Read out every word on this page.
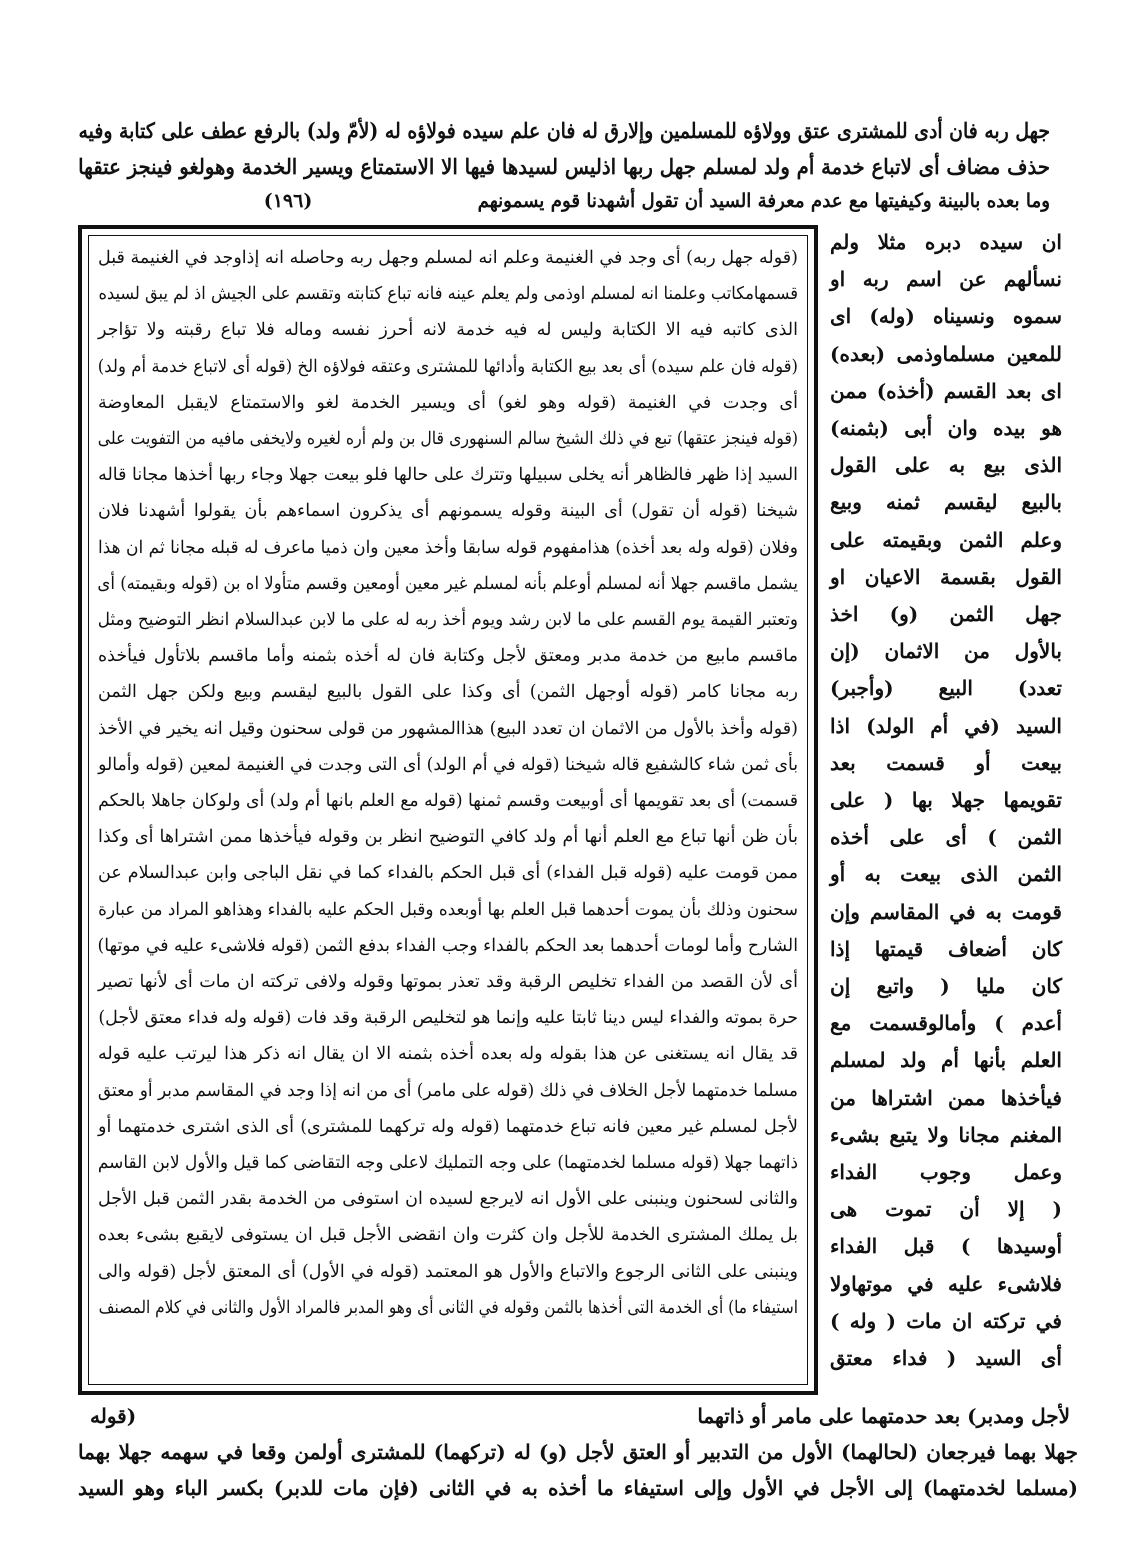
جهل ربه فان أدى للمشترى عتق وولاؤه للمسلمين وإلارق له فان علم سيده فولاؤه له (لأمّ ولد) بالرفع عطف على كتابة وفيه
حذف مضاف أى لاتباع خدمة أم ولد لمسلم جهل ربها اذليس لسيدها فيها الا الاستمتاع ويسير الخدمة وهولغو فينجز عتقها
وما بعده بالبينة وكيفيتها مع عدم معرفة السيد أن تقول أشهدنا قوم يسمونهم
(١٩٦)
ان سيده دبره مثلا ولم
نسألهم عن اسم ربه او
سموه ونسيناه (وله) اى
للمعين مسلماوذمى (بعده)
اى بعد القسم (أخذه) ممن
هو بيده وان أبى (بثمنه)
الذى بيع به على القول
بالبيع ليقسم ثمنه وبيع
وعلم الثمن وبقيمته على
القول بقسمة الاعيان او
جهل الثمن (و) اخذ
بالأول من الاثمان (إن
تعدد) البيع (وأجبر)
السيد (في أم الولد) اذا
بيعت أو قسمت بعد
تقويمها جهلا بها ( على
الثمن ) أى على أخذه
الثمن الذى بيعت به أو
قومت به في المقاسم وإن
كان أضعاف قيمتها إذا
كان مليا ( واتبع إن
أعدم ) وأمالوقسمت مع
العلم بأنها أم ولد لمسلم
فيأخذها ممن اشتراها من
المغنم مجانا ولا يتبع بشىء
وعمل وجوب الفداء
( إلا أن تموت هى
أوسيدها ) قبل الفداء
فلاشىء عليه في موتهاولا
في تركته ان مات ( وله )
أى السيد ( فداء معتق
(قوله جهل ربه) أى وجد في الغنيمة وعلم انه لمسلم وجهل ربه وحاصله انه إذاوجد في الغنيمة قبل
قسمهامكاتب وعلمنا انه لمسلم اوذمى ولم يعلم عينه فانه تباع كتابته وتقسم على الجيش اذ لم يبق لسيده
الذى كاتبه فيه الا الكتابة وليس له فيه خدمة لانه أحرز نفسه وماله فلا تباع رقبته ولا تؤاجر
(قوله فان علم سيده) أى بعد بيع الكتابة وأدائها للمشترى وعتقه فولاؤه الخ (قوله أى لاتباع خدمة أم ولد)
أى وجدت في الغنيمة (قوله وهو لغو) أى ويسير الخدمة لغو والاستمتاع لايقبل المعاوضة
(قوله فينجز عتقها) تبع في ذلك الشيخ سالم السنهورى قال بن ولم أره لغيره ولايخفى مافيه من التفويت على
السيد إذا ظهر فالظاهر أنه يخلى سبيلها وتترك على حالها فلو بيعت جهلا وجاء ربها أخذها مجانا قاله
شيخنا (قوله أن تقول) أى البينة وقوله يسمونهم أى يذكرون اسماءهم بأن يقولوا أشهدنا فلان
وفلان (قوله وله بعد أخذه) هذامفهوم قوله سابقا وأخذ معين وان ذميا ماعرف له قبله مجانا ثم ان هذا
يشمل ماقسم جهلا أنه لمسلم أوعلم بأنه لمسلم غير معين أومعين وقسم متأولا اه بن (قوله وبقيمته) أى
وتعتبر القيمة يوم القسم على ما لابن رشد ويوم أخذ ربه له على ما لابن عبدالسلام انظر التوضيح ومثل
ماقسم مابيع من خدمة مدبر ومعتق لأجل وكتابة فان له أخذه بثمنه وأما ماقسم بلاتأول فيأخذه
ربه مجانا كامر (قوله أوجهل الثمن) أى وكذا على القول بالبيع ليقسم وبيع ولكن جهل الثمن
(قوله وأخذ بالأول من الاثمان ان تعدد البيع) هذاالمشهور من قولى سحنون وقيل انه يخير في الأخذ
بأى ثمن شاء كالشفيع قاله شيخنا (قوله في أم الولد) أى التى وجدت في الغنيمة لمعين (قوله وأمالو
قسمت) أى بعد تقويمها أى أوبيعت وقسم ثمنها (قوله مع العلم بانها أم ولد) أى ولوكان جاهلا بالحكم
بأن ظن أنها تباع مع العلم أنها أم ولد كافي التوضيح انظر بن وقوله فيأخذها ممن اشتراها أى وكذا
ممن قومت عليه (قوله قبل الفداء) أى قبل الحكم بالفداء كما في نقل الباجى وابن عبدالسلام عن
سحنون وذلك بأن يموت أحدهما قبل العلم بها أوبعده وقبل الحكم عليه بالفداء وهذاهو المراد من عبارة
الشارح وأما لومات أحدهما بعد الحكم بالفداء وجب الفداء بدفع الثمن (قوله فلاشىء عليه في موتها)
أى لأن القصد من الفداء تخليص الرقبة وقد تعذر بموتها وقوله ولافى تركته ان مات أى لأنها تصير
حرة بموته والفداء ليس دينا ثابتا عليه وإنما هو لتخليص الرقبة وقد فات (قوله وله فداء معتق لأجل)
قد يقال انه يستغنى عن هذا بقوله وله بعده أخذه بثمنه الا ان يقال انه ذكر هذا ليرتب عليه قوله
مسلما خدمتهما لأجل الخلاف في ذلك (قوله على مامر) أى من انه إذا وجد في المقاسم مدبر أو معتق
لأجل لمسلم غير معين فانه تباع خدمتهما (قوله وله تركهما للمشترى) أى الذى اشترى خدمتهما أو
ذاتهما جهلا (قوله مسلما لخدمتهما) على وجه التمليك لاعلى وجه التقاضى كما قيل والأول لابن القاسم
والثانى لسحنون وينبنى على الأول انه لايرجع لسيده ان استوفى من الخدمة بقدر الثمن قبل الأجل
بل يملك المشترى الخدمة للأجل وان كثرت وان انقضى الأجل قبل ان يستوفى لايقبع بشىء بعده
وينبنى على الثانى الرجوع والاتباع والأول هو المعتمد (قوله في الأول) أى المعتق لأجل (قوله والى
استيفاء ما) أى الخدمة التى أخذها بالثمن وقوله في الثانى أى وهو المدبر فالمراد الأول والثانى في كلام المصنف
لأجل ومدبر) بعد حدمتهما على مامر أو ذاتهما
(قوله
جهلا بهما فيرجعان (لحالهما) الأول من التدبير أو العتق لأجل (و) له (تركهما) للمشترى أولمن وقعا في سهمه جهلا بهما
(مسلما لخدمتهما) إلى الأجل في الأول وإلى استيفاء ما أخذه به في الثانى (فإن مات للدبر) بكسر الباء وهو السيد
